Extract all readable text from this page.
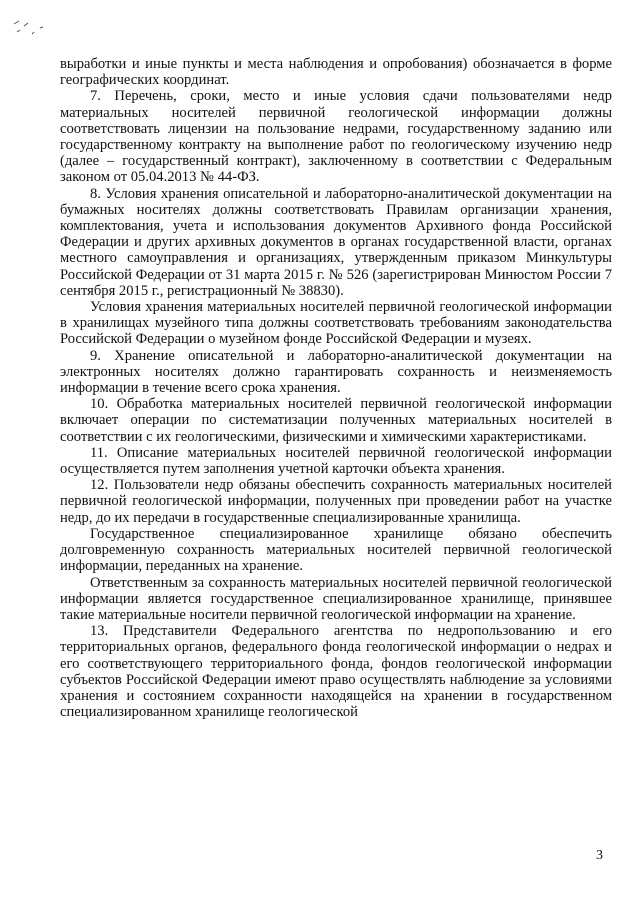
выработки и иные пункты и места наблюдения и опробования) обозначается в форме географических координат.

7. Перечень, сроки, место и иные условия сдачи пользователями недр материальных носителей первичной геологической информации должны соответствовать лицензии на пользование недрами, государственному заданию или государственному контракту на выполнение работ по геологическому изучению недр (далее – государственный контракт), заключенному в соответствии с Федеральным законом от 05.04.2013 № 44-ФЗ.

8. Условия хранения описательной и лабораторно-аналитической документации на бумажных носителях должны соответствовать Правилам организации хранения, комплектования, учета и использования документов Архивного фонда Российской Федерации и других архивных документов в органах государственной власти, органах местного самоуправления и организациях, утвержденным приказом Минкультуры Российской Федерации от 31 марта 2015 г. № 526 (зарегистрирован Минюстом России 7 сентября 2015 г., регистрационный № 38830).

Условия хранения материальных носителей первичной геологической информации в хранилищах музейного типа должны соответствовать требованиям законодательства Российской Федерации о музейном фонде Российской Федерации и музеях.

9. Хранение описательной и лабораторно-аналитической документации на электронных носителях должно гарантировать сохранность и неизменяемость информации в течение всего срока хранения.

10. Обработка материальных носителей первичной геологической информации включает операции по систематизации полученных материальных носителей в соответствии с их геологическими, физическими и химическими характеристиками.

11. Описание материальных носителей первичной геологической информации осуществляется путем заполнения учетной карточки объекта хранения.

12. Пользователи недр обязаны обеспечить сохранность материальных носителей первичной геологической информации, полученных при проведении работ на участке недр, до их передачи в государственные специализированные хранилища.

Государственное специализированное хранилище обязано обеспечить долговременную сохранность материальных носителей первичной геологической информации, переданных на хранение.

Ответственным за сохранность материальных носителей первичной геологической информации является государственное специализированное хранилище, принявшее такие материальные носители первичной геологической информации на хранение.

13. Представители Федерального агентства по недропользованию и его территориальных органов, федерального фонда геологической информации о недрах и его соответствующего территориального фонда, фондов геологической информации субъектов Российской Федерации имеют право осуществлять наблюдение за условиями хранения и состоянием сохранности находящейся на хранении в государственном специализированном хранилище геологической

3
